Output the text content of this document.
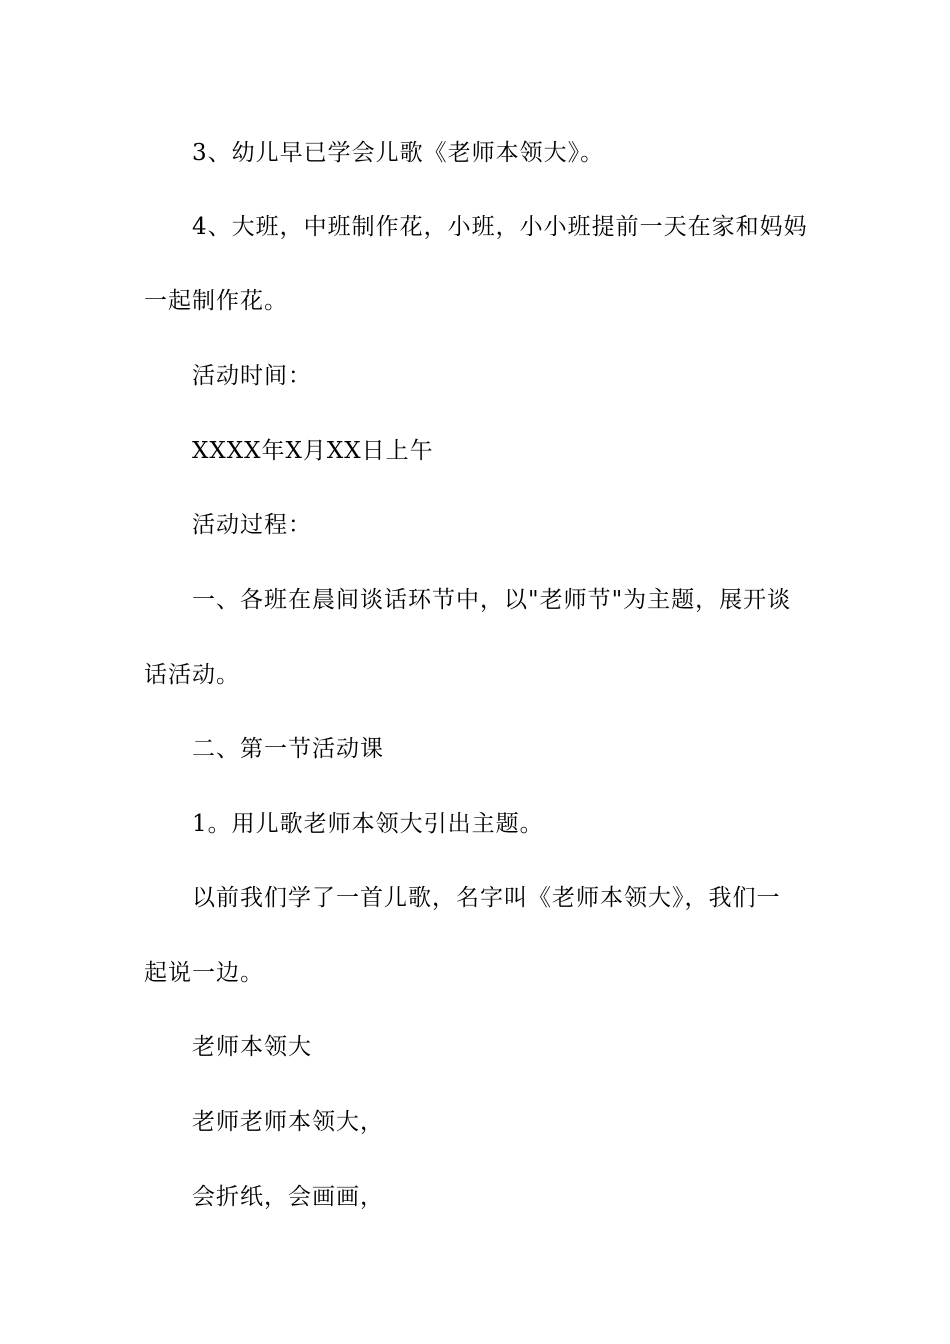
3、幼儿早已学会儿歌《老师本领大》。
4、大班，中班制作花，小班，小小班提前一天在家和妈妈
一起制作花。
活动时间：
XXXX年X月XX日上午
活动过程：
一、各班在晨间谈话环节中，以"老师节"为主题，展开谈
话活动。
二、第一节活动课
1。用儿歌老师本领大引出主题。
以前我们学了一首儿歌，名字叫《老师本领大》，我们一
起说一边。
老师本领大
老师老师本领大，
会折纸，会画画，
